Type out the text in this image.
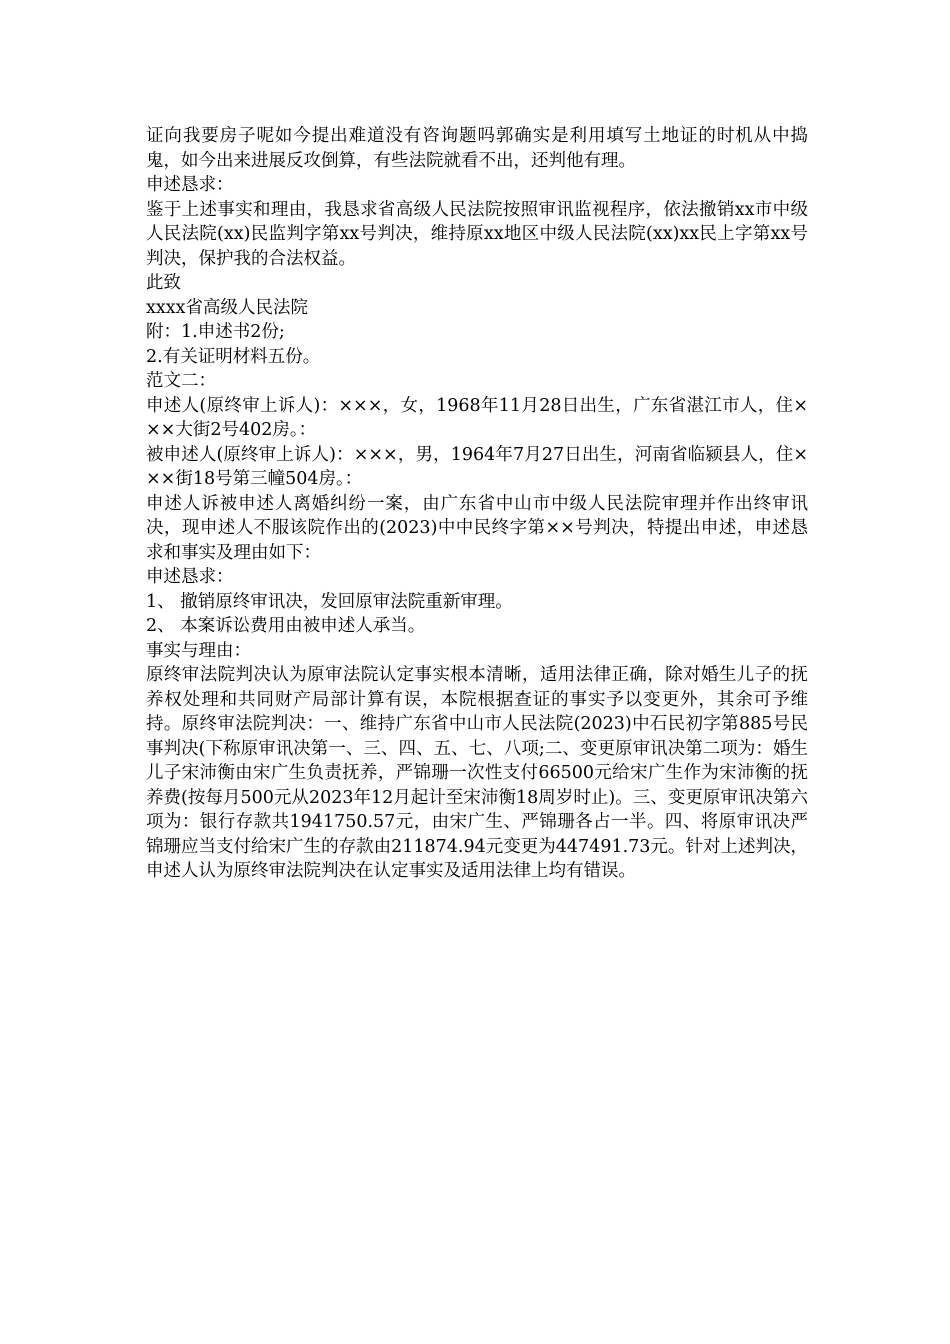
证向我要房子呢如今提出难道没有咨询题吗郭确实是利用填写土地证的时机从中捣鬼，如今出来进展反攻倒算，有些法院就看不出，还判他有理。

申述恳求：

鉴于上述事实和理由，我恳求省高级人民法院按照审讯监视程序，依法撤销xx市中级人民法院(xx)民监判字第xx号判决，维持原xx地区中级人民法院(xx)xx民上字第xx号判决，保护我的合法权益。

此致

xxxx省高级人民法院

附：1.申述书2份;

2.有关证明材料五份。

范文二：

申述人(原终审上诉人)：×××，女，1968年11月28日出生，广东省湛江市人，住×××大街2号402房。：

被申述人(原终审上诉人)：×××，男，1964年7月27日出生，河南省临颍县人，住×××街18号第三幢504房。：

申述人诉被申述人离婚纠纷一案，由广东省中山市中级人民法院审理并作出终审讯决，现申述人不服该院作出的(2023)中中民终字第××号判决，特提出申述，申述恳求和事实及理由如下：

申述恳求：

1、 撤销原终审讯决，发回原审法院重新审理。

2、 本案诉讼费用由被申述人承当。

事实与理由：

原终审法院判决认为原审法院认定事实根本清晰，适用法律正确，除对婚生儿子的抚养权处理和共同财产局部计算有误，本院根据查证的事实予以变更外，其余可予维持。原终审法院判决：一、维持广东省中山市人民法院(2023)中石民初字第885号民事判决(下称原审讯决第一、三、四、五、七、八项;二、变更原审讯决第二项为：婚生儿子宋沛衡由宋广生负责抚养，严锦珊一次性支付66500元给宋广生作为宋沛衡的抚养费(按每月500元从2023年12月起计至宋沛衡18周岁时止)。三、变更原审讯决第六项为：银行存款共1941750.57元，由宋广生、严锦珊各占一半。四、将原审讯决严锦珊应当支付给宋广生的存款由211874.94元变更为447491.73元。针对上述判决，申述人认为原终审法院判决在认定事实及适用法律上均有错误。
